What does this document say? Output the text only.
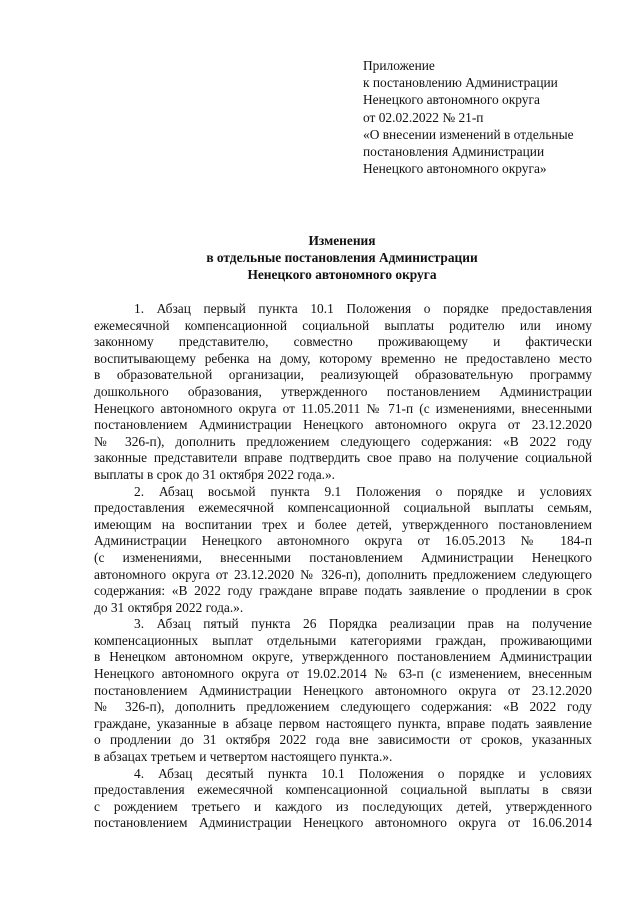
Приложение
к постановлению Администрации
Ненецкого автономного округа
от 02.02.2022 № 21-п
«О внесении изменений в отдельные
постановления Администрации
Ненецкого автономного округа»
Изменения
в отдельные постановления Администрации
Ненецкого автономного округа
1. Абзац первый пункта 10.1 Положения о порядке предоставления
ежемесячной компенсационной социальной выплаты родителю или иному
законному представителю, совместно проживающему и фактически
воспитывающему ребенка на дому, которому временно не предоставлено место
в образовательной организации, реализующей образовательную программу
дошкольного образования, утвержденного постановлением Администрации
Ненецкого автономного округа от 11.05.2011 № 71-п (с изменениями, внесенными
постановлением Администрации Ненецкого автономного округа от 23.12.2020
№ 326-п), дополнить предложением следующего содержания: «В 2022 году
законные представители вправе подтвердить свое право на получение социальной
выплаты в срок до 31 октября 2022 года.».
2. Абзац восьмой пункта 9.1 Положения о порядке и условиях
предоставления ежемесячной компенсационной социальной выплаты семьям,
имеющим на воспитании трех и более детей, утвержденного постановлением
Администрации Ненецкого автономного округа от 16.05.2013 № 184-п
(с изменениями, внесенными постановлением Администрации Ненецкого
автономного округа от 23.12.2020 № 326-п), дополнить предложением следующего
содержания: «В 2022 году граждане вправе подать заявление о продлении в срок
до 31 октября 2022 года.».
3. Абзац пятый пункта 26 Порядка реализации прав на получение
компенсационных выплат отдельными категориями граждан, проживающими
в Ненецком автономном округе, утвержденного постановлением Администрации
Ненецкого автономного округа от 19.02.2014 № 63-п (с изменением, внесенным
постановлением Администрации Ненецкого автономного округа от 23.12.2020
№ 326-п), дополнить предложением следующего содержания: «В 2022 году
граждане, указанные в абзаце первом настоящего пункта, вправе подать заявление
о продлении до 31 октября 2022 года вне зависимости от сроков, указанных
в абзацах третьем и четвертом настоящего пункта.».
4. Абзац десятый пункта 10.1 Положения о порядке и условиях
предоставления ежемесячной компенсационной социальной выплаты в связи
с рождением третьего и каждого из последующих детей, утвержденного
постановлением Администрации Ненецкого автономного округа от 16.06.2014
